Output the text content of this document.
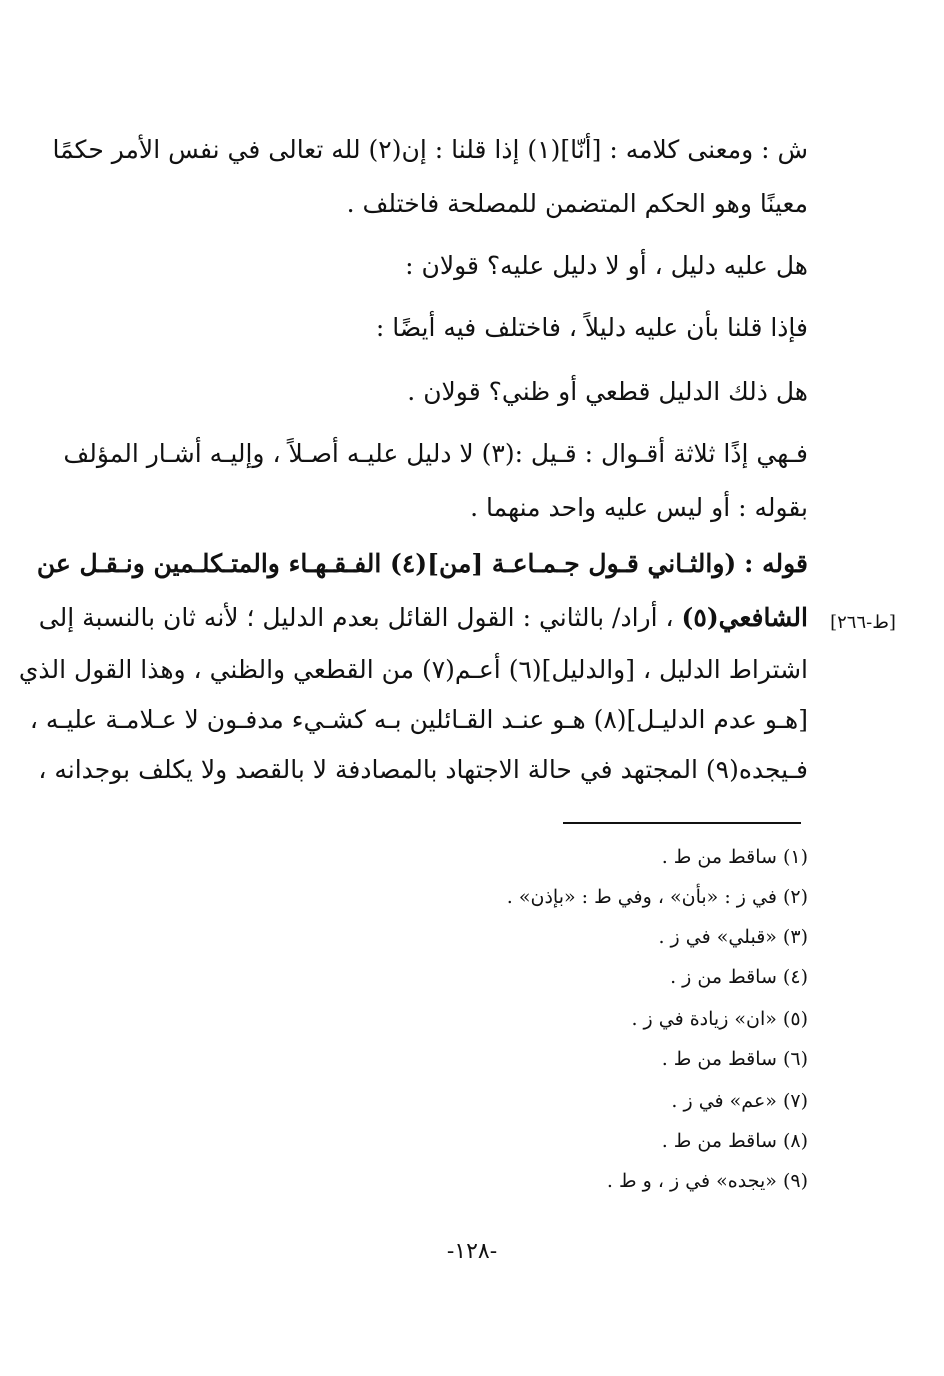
ش : ومعنى كلامه : [أنّا](١) إذا قلنا : إن(٢) لله تعالى في نفس الأمر حكمًا
معينًا وهو الحكم المتضمن للمصلحة فاختلف .
هل عليه دليل ، أو لا دليل عليه؟ قولان :
فإذا قلنا بأن عليه دليلاً ، فاختلف فيه أيضًا :
هل ذلك الدليل قطعي أو ظني؟ قولان .
فـهي إذًا ثلاثة أقـوال : قـيل :(٣) لا دليل عليـه أصـلاً ، وإليـه أشـار المؤلف
بقوله : أو ليس عليه واحد منهما .
قوله : (والثـاني قـول جـمـاعـة [من](٤) الفـقـهـاء والمتـكلـمين ونـقـل عن
الشافعي(٥) ، أراد/ بالثاني : القول القائل بعدم الدليل ؛ لأنه ثان بالنسبة إلى	[ط-٢٦٦]
اشتراط الدليل ، [والدليل](٦) أعـم(٧) من القطعي والظني ، وهذا القول الذي
[هـو عدم الدليـل](٨) هـو عنـد القـائلين بـه كشـيء مدفـون لا عـلامـة عليـه ،
فـيجده(٩) المجتهد في حالة الاجتهاد بالمصادفة لا بالقصد ولا يكلف بوجدانه ،
(١) ساقط من ط .
(٢) في ز : «بأن» ، وفي ط : «بإذن» .
(٣) «قبلي» في ز .
(٤) ساقط من ز .
(٥) «ان» زيادة في ز .
(٦) ساقط من ط .
(٧) «عم» في ز .
(٨) ساقط من ط .
(٩) «يجده» في ز ، و ط .
-١٢٨-
